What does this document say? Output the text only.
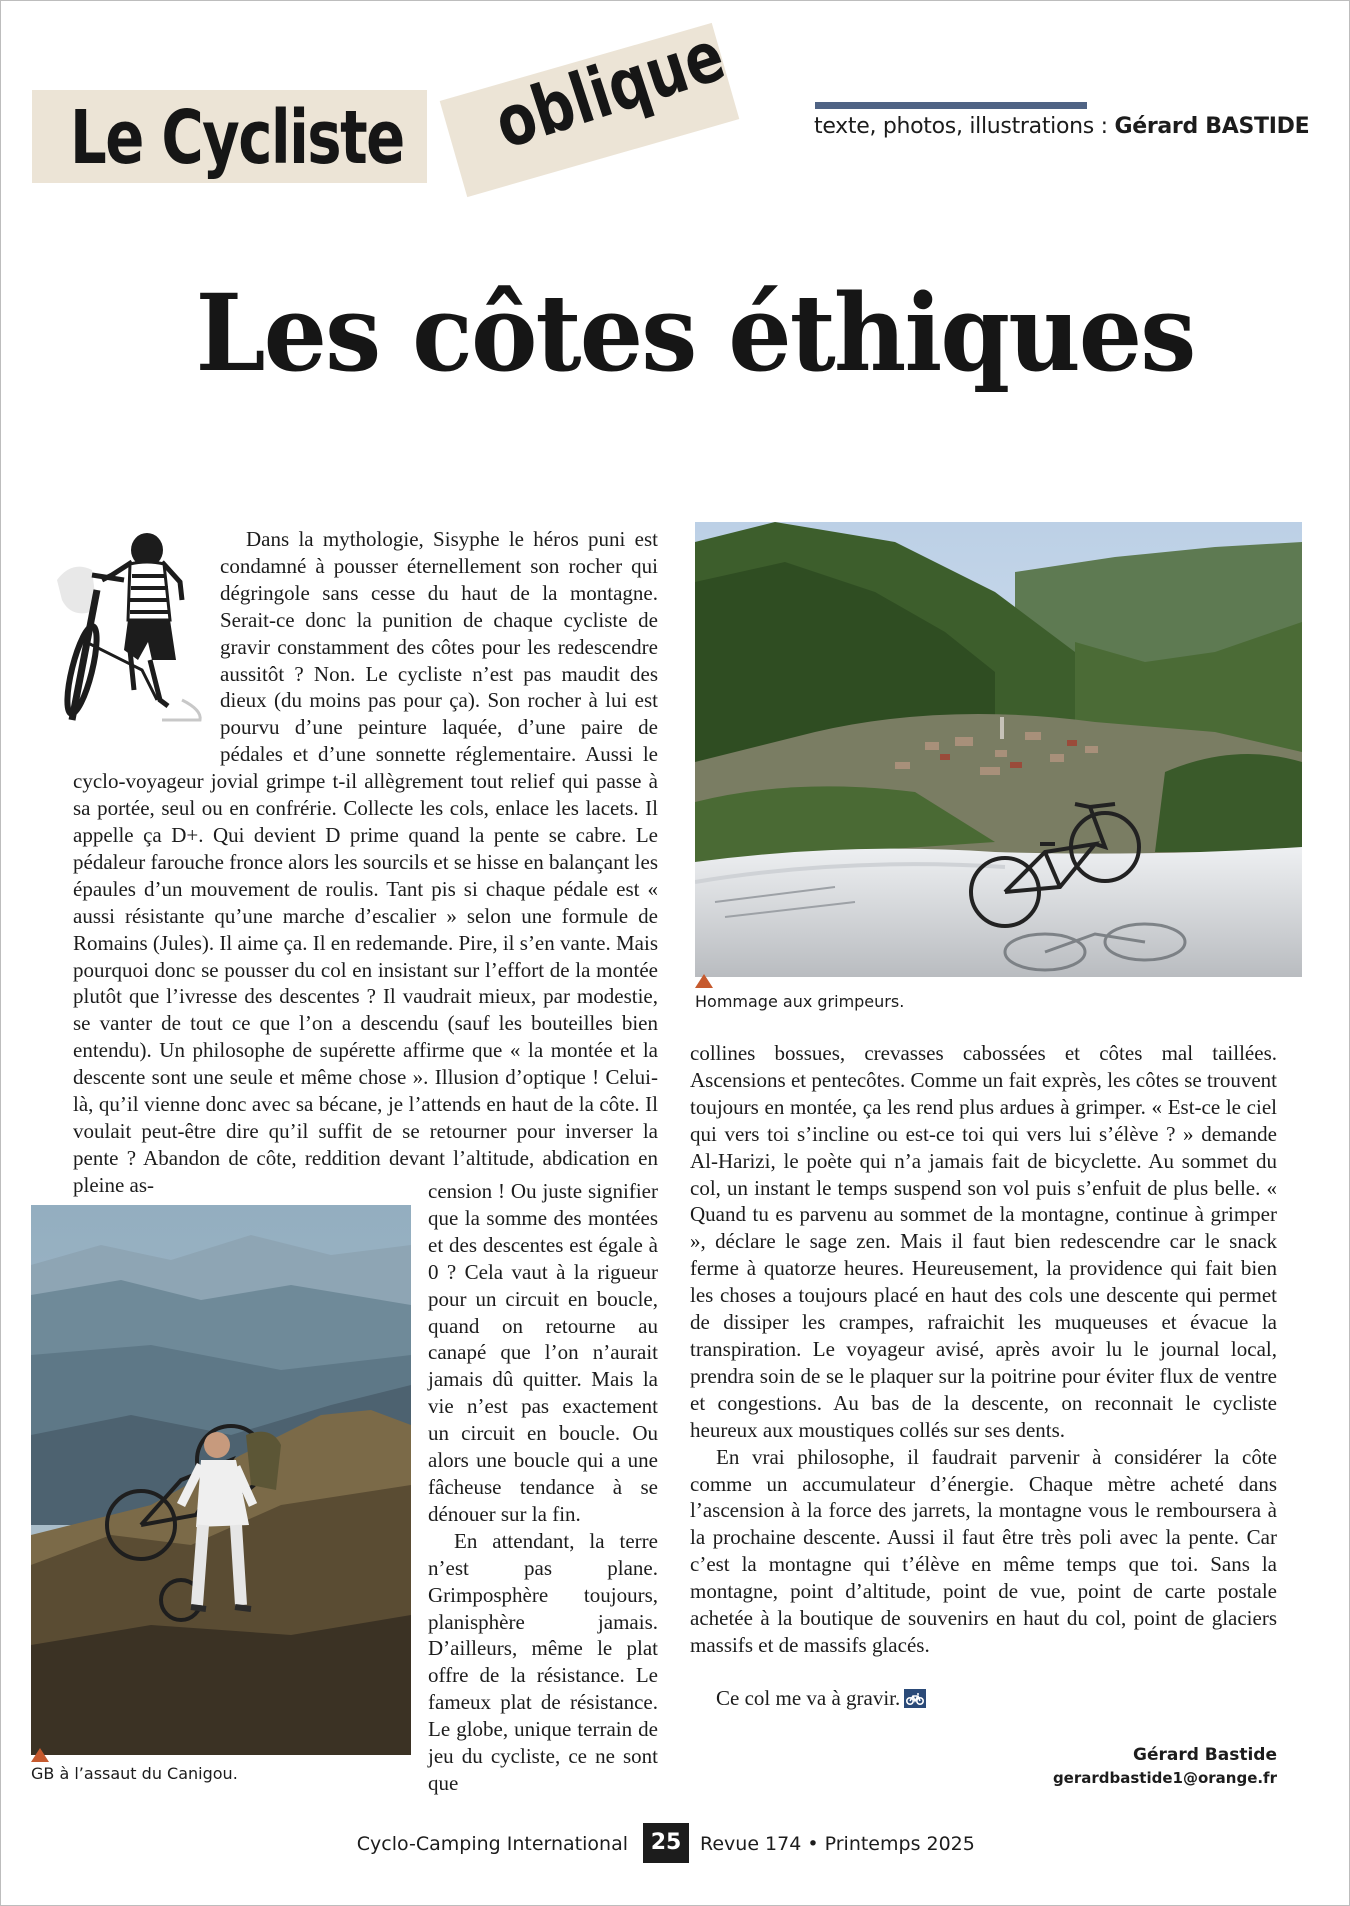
Le Cycliste oblique	texte, photos, illustrations : Gérard BASTIDE
Les côtes éthiques
Hommage aux grimpeurs.
GB à l’assaut du Canigou.

Dans la mythologie, Sisyphe le héros puni est condamné à pousser éternellement son rocher qui dégringole sans cesse du haut de la montagne. Serait-ce donc la punition de chaque cycliste de gravir constamment des côtes pour les redescendre aussitôt ? Non. Le cycliste n’est pas maudit des dieux (du moins pas pour ça). Son rocher à lui est pourvu d’une peinture laquée, d’une paire de pédales et d’une sonnette réglementaire. Aussi le cyclo-voyageur jovial grimpe t-il allègrement tout relief qui passe à sa portée, seul ou en confrérie. Collecte les cols, enlace les lacets. Il appelle ça D+. Qui devient D prime quand la pente se cabre. Le pédaleur farouche fronce alors les sourcils et se hisse en balançant les épaules d’un mouvement de roulis. Tant pis si chaque pédale est « aussi résistante qu’une marche d’escalier » selon une formule de Romains (Jules). Il aime ça. Il en redemande. Pire, il s’en vante. Mais pourquoi donc se pousser du col en insistant sur l’effort de la montée plutôt que l’ivresse des descentes ? Il vaudrait mieux, par modestie, se vanter de tout ce que l’on a descendu (sauf les bouteilles bien entendu). Un philosophe de supérette affirme que « la montée et la descente sont une seule et même chose ». Illusion d’optique ! Celui-là, qu’il vienne donc avec sa bécane, je l’attends en haut de la côte. Il voulait peut-être dire qu’il suffit de se retourner pour inverser la pente ? Abandon de côte, reddition devant l’altitude, abdication en pleine as-	cension ! Ou juste signifier que la somme des montées et des descentes est égale à 0 ? Cela vaut à la rigueur pour un circuit en boucle, quand on retourne au canapé que l’on n’aurait jamais dû quitter. Mais la vie n’est pas exactement un circuit en boucle. Ou alors une boucle qui a une fâcheuse tendance à se dénouer sur la fin.

En attendant, la terre n’est pas plane. Grimposphère toujours, planisphère jamais. D’ailleurs, même le plat offre de la résistance. Le fameux plat de résistance. Le globe, unique terrain de jeu du cycliste, ce ne sont que

collines bossues, crevasses cabossées et côtes mal taillées. Ascensions et pentecôtes. Comme un fait exprès, les côtes se trouvent toujours en montée, ça les rend plus ardues à grimper. « Est-ce le ciel qui vers toi s’incline ou est-ce toi qui vers lui s’élève ? » demande Al-Harizi, le poète qui n’a jamais fait de bicyclette. Au sommet du col, un instant le temps suspend son vol puis s’enfuit de plus belle. « Quand tu es parvenu au sommet de la montagne, continue à grimper », déclare le sage zen. Mais il faut bien redescendre car le snack ferme à quatorze heures. Heureusement, la providence qui fait bien les choses a toujours placé en haut des cols une descente qui permet de dissiper les crampes, rafraichit les muqueuses et évacue la transpiration. Le voyageur avisé, après avoir lu le journal local, prendra soin de se le plaquer sur la poitrine pour éviter flux de ventre et congestions. Au bas de la descente, on reconnait le cycliste heureux aux moustiques collés sur ses dents.

En vrai philosophe, il faudrait parvenir à considérer la côte comme un accumulateur d’énergie. Chaque mètre acheté dans l’ascension à la force des jarrets, la montagne vous le remboursera à la prochaine descente. Aussi il faut être très poli avec la pente. Car c’est la montagne qui t’élève en même temps que toi. Sans la montagne, point d’altitude, point de vue, point de carte postale achetée à la boutique de souvenirs en haut du col, point de glaciers massifs et de massifs glacés.

Ce col me va à gravir.

Gérard Bastide
gerardbastide1@orange.fr
Cyclo-Camping International	25 Revue 174 • Printemps 2025
